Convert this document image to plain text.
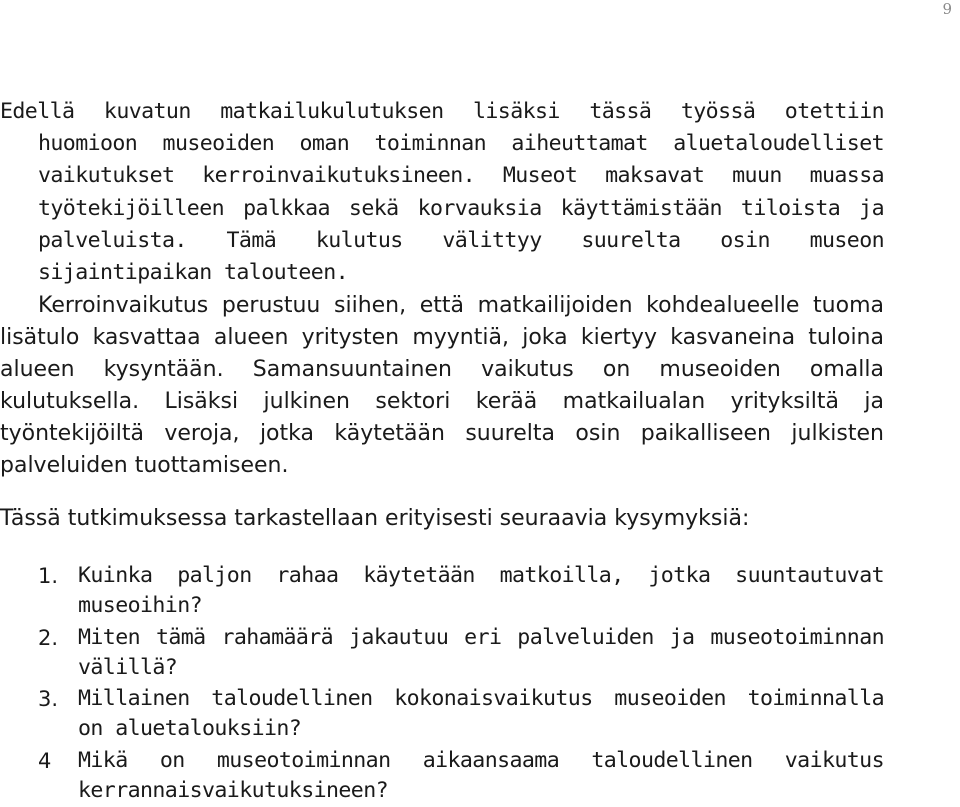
9

Edellä kuvatun matkailukulutuksen lisäksi tässä työssä otettiin huomioon museoiden oman toiminnan aiheuttamat aluetaloudelliset vaikutukset kerroinvaikutuksineen. Museot maksavat muun muassa työtekijöilleen palkkaa sekä korvauksia käyttämistään tiloista ja palveluista. Tämä kulutus välittyy suurelta osin museon sijaintipaikan talouteen.

Kerroinvaikutus perustuu siihen, että matkailijoiden kohdealueelle tuoma lisätulo kasvattaa alueen yritysten myyntiä, joka kiertyy kasvaneina tuloina alueen kysyntään. Samansuuntainen vaikutus on museoiden omalla kulutuksella. Lisäksi julkinen sektori kerää matkailualan yrityksiltä ja työntekijöiltä veroja, jotka käytetään suurelta osin paikalliseen julkisten palveluiden tuottamiseen.

Tässä tutkimuksessa tarkastellaan erityisesti seuraavia kysymyksiä:

1. Kuinka paljon rahaa käytetään matkoilla, jotka suuntautuvat museoihin?
2. Miten tämä rahamäärä jakautuu eri palveluiden ja museotoiminnan välillä?
3. Millainen taloudellinen kokonaisvaikutus museoiden toiminnalla on aluetalouksiin?
4 Mikä on museotoiminnan aikaansaama taloudellinen vaikutus kerrannaisvaikutuksineen?
